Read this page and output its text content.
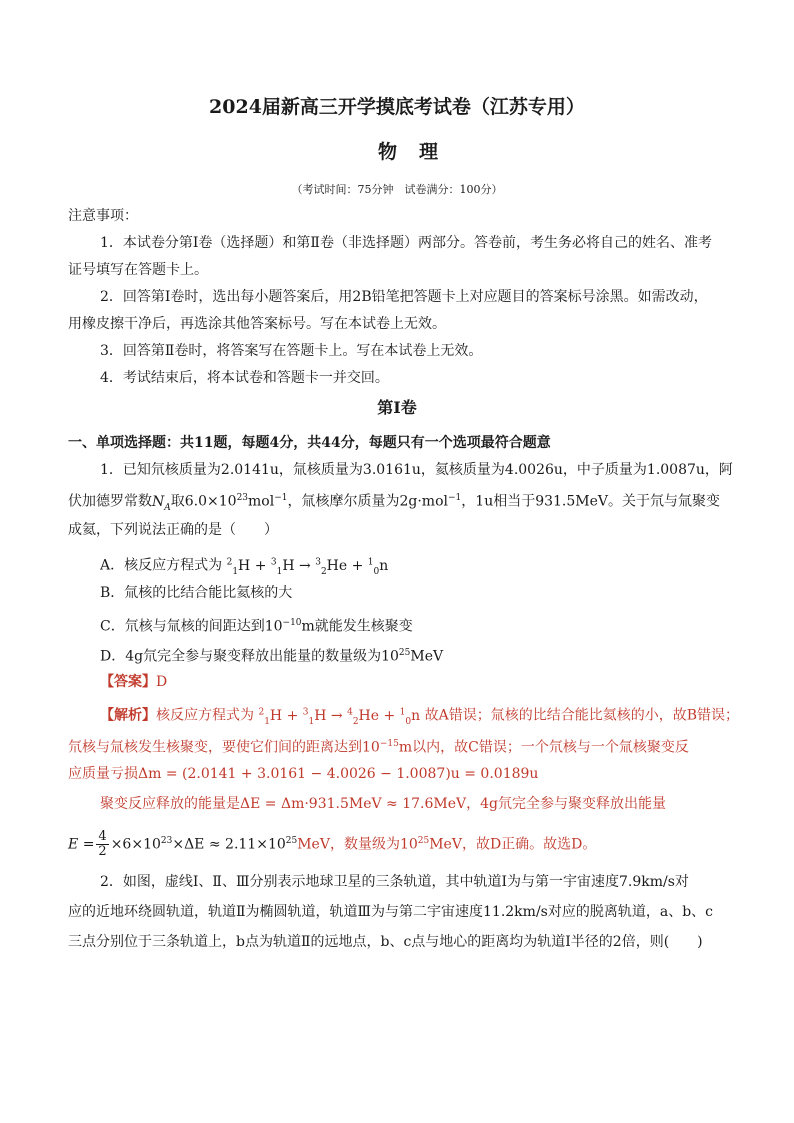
2024届新高三开学摸底考试卷（江苏专用）
物理
（考试时间：75分钟　试卷满分：100分）
注意事项：
1．本试卷分第Ⅰ卷（选择题）和第Ⅱ卷（非选择题）两部分。答卷前，考生务必将自己的姓名、准考
证号填写在答题卡上。
2．回答第Ⅰ卷时，选出每小题答案后，用2B铅笔把答题卡上对应题目的答案标号涂黑。如需改动，
用橡皮擦干净后，再选涂其他答案标号。写在本试卷上无效。
3．回答第Ⅱ卷时，将答案写在答题卡上。写在本试卷上无效。
4．考试结束后，将本试卷和答题卡一并交回。
第Ⅰ卷
一、单项选择题：共11题，每题4分，共44分，每题只有一个选项最符合题意
1．已知氘核质量为2.0141u，氚核质量为3.0161u，氦核质量为4.0026u，中子质量为1.0087u，阿
伏加德罗常数$N_A$取$6.0\times 10^{23}mol^{-1}$，氚核摩尔质量为2g·mol$^{-1}$，1u相当于931.5MeV。关于氘与氚聚变
成氦，下列说法正确的是（　　）
A．核反应方程式为 $^2_1$H + $^3_1$H → $^3_2$He + $^1_0$n
B．氚核的比结合能比氦核的大
C．氘核与氚核的间距达到$10^{-10}m$就能发生核聚变
D．4g氘完全参与聚变释放出能量的数量级为$10^{25}MeV$
【答案】D
【解析】核反应方程式为 $^2_1$H + $^3_1$H → $^4_2$He + $^1_0$n 故A错误；氚核的比结合能比氦核的小，故B错误；
氘核与氚核发生核聚变，要使它们间的距离达到$10^{-15}m$以内，故C错误；一个氘核与一个氚核聚变反
应质量亏损Δm = (2.0141 + 3.0161 − 4.0026 − 1.0087)u = 0.0189u
聚变反应释放的能量是ΔE = Δm·931.5MeV ≈ 17.6MeV，4g氘完全参与聚变释放出能量
$E = \frac{4}{2} \times 6\times 10^{23}\times\Delta E \approx 2.11\times 10^{25}MeV$，数量级为$10^{25}MeV$，故D正确。故选D。
2．如图，虚线Ⅰ、Ⅱ、Ⅲ分别表示地球卫星的三条轨道，其中轨道Ⅰ为与第一宇宙速度7.9km/s对
应的近地环绕圆轨道，轨道Ⅱ为椭圆轨道，轨道Ⅲ为与第二宇宙速度11.2km/s对应的脱离轨道，a、b、c
三点分别位于三条轨道上，b点为轨道Ⅱ的远地点，b、c点与地心的距离均为轨道Ⅰ半径的2倍，则(　　)
